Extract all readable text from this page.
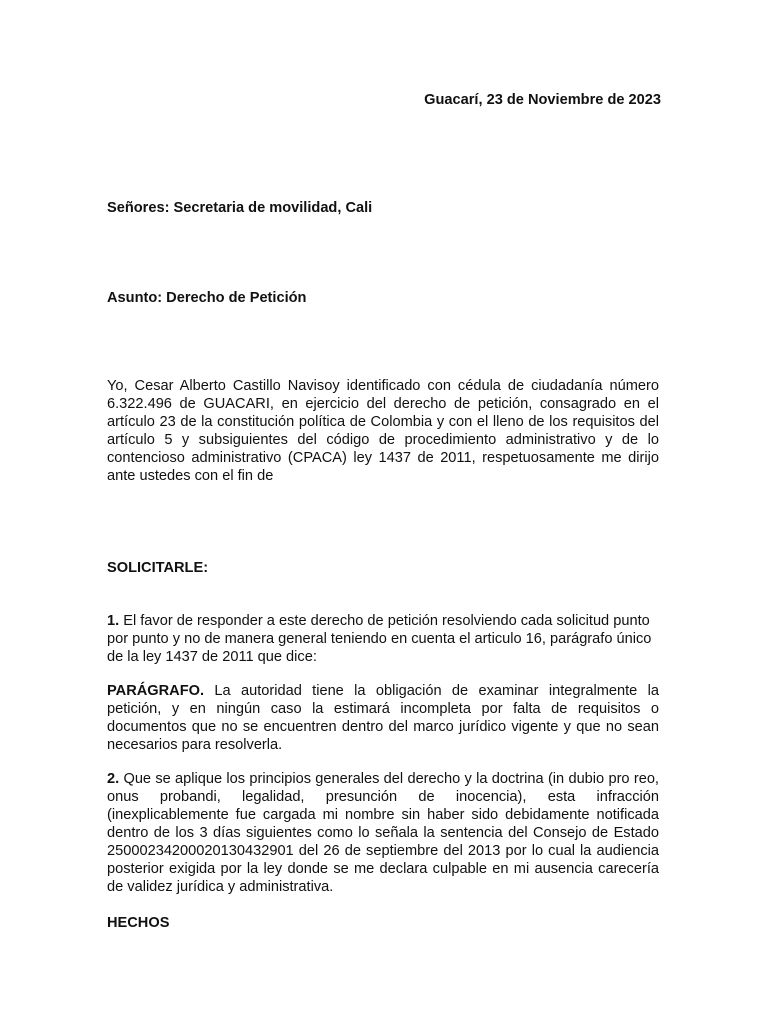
Guacarí, 23 de Noviembre de 2023
Señores: Secretaria de movilidad, Cali
Asunto: Derecho de Petición
Yo, Cesar Alberto Castillo Navisoy identificado con cédula de ciudadanía número 6.322.496 de GUACARI, en ejercicio del derecho de petición, consagrado en el artículo 23 de la constitución política de Colombia y con el lleno de los requisitos del artículo 5 y subsiguientes del código de procedimiento administrativo y de lo contencioso administrativo (CPACA) ley 1437 de 2011, respetuosamente me dirijo ante ustedes con el fin de
SOLICITARLE:
1. El favor de responder a este derecho de petición resolviendo cada solicitud punto por punto y no de manera general teniendo en cuenta el articulo 16, parágrafo único de la ley 1437 de 2011 que dice:
PARÁGRAFO. La autoridad tiene la obligación de examinar integralmente la petición, y en ningún caso la estimará incompleta por falta de requisitos o documentos que no se encuentren dentro del marco jurídico vigente y que no sean necesarios para resolverla.
2. Que se aplique los principios generales del derecho y la doctrina (in dubio pro reo, onus probandi, legalidad, presunción de inocencia), esta infracción (inexplicablemente fue cargada mi nombre sin haber sido debidamente notificada dentro de los 3 días siguientes como lo señala la sentencia del Consejo de Estado 25000234200020130432901 del 26 de septiembre del 2013 por lo cual la audiencia posterior exigida por la ley donde se me declara culpable en mi ausencia carecería de validez jurídica y administrativa.
HECHOS
